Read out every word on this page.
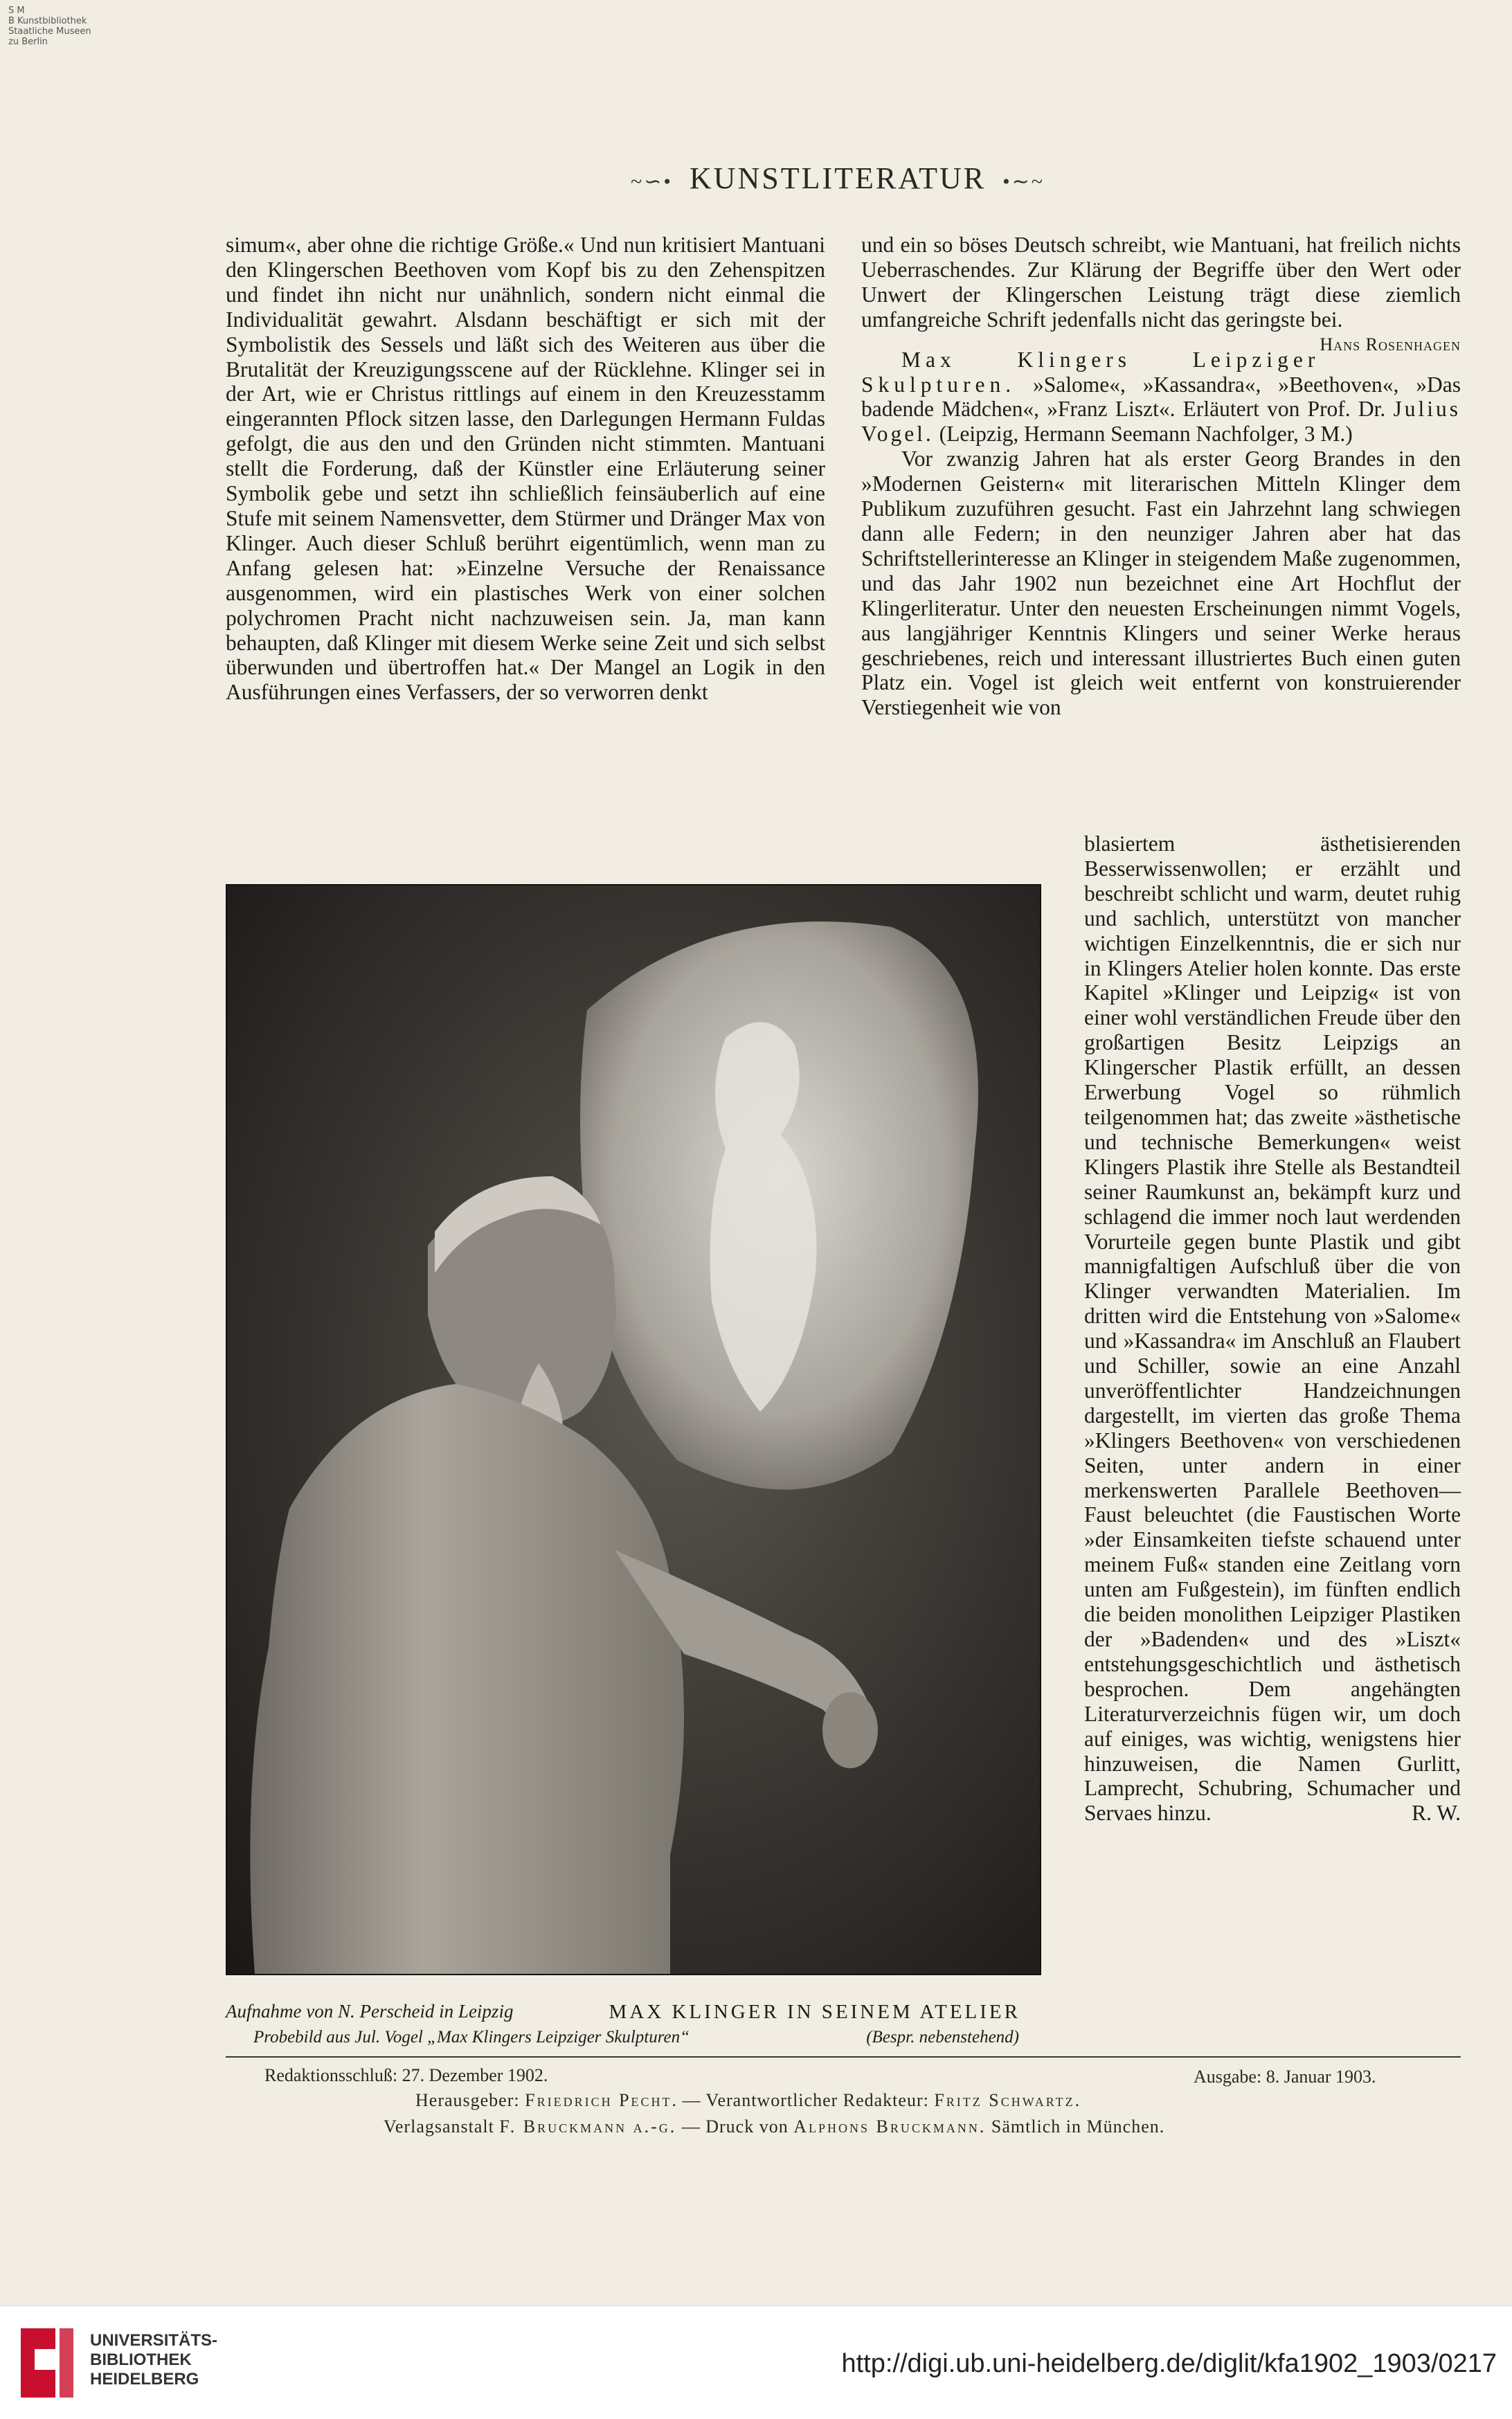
S M
B Kunstbibliothek
Staatliche Museen
zu Berlin
~∽• KUNSTLITERATUR •∼~

simum«, aber ohne die richtige Größe.« Und nun kritisiert Mantuani den Klingerschen Beethoven vom Kopf bis zu den Zehenspitzen und findet ihn nicht nur unähnlich, sondern nicht einmal die Individualität gewahrt. Alsdann beschäftigt er sich mit der Symbolistik des Sessels und läßt sich des Weiteren aus über die Brutalität der Kreuzigungsscene auf der Rücklehne. Klinger sei in der Art, wie er Christus rittlings auf einem in den Kreuzesstamm eingerannten Pflock sitzen lasse, den Darlegungen Hermann Fuldas gefolgt, die aus den und den Gründen nicht stimmten. Mantuani stellt die Forderung, daß der Künstler eine Erläuterung seiner Symbolik gebe und setzt ihn schließlich feinsäuberlich auf eine Stufe mit seinem Namensvetter, dem Stürmer und Dränger Max von Klinger. Auch dieser Schluß berührt eigentümlich, wenn man zu Anfang gelesen hat: »Einzelne Versuche der Renaissance ausgenommen, wird ein plastisches Werk von einer solchen polychromen Pracht nicht nachzuweisen sein. Ja, man kann behaupten, daß Klinger mit diesem Werke seine Zeit und sich selbst überwunden und übertroffen hat.« Der Mangel an Logik in den Ausführungen eines Verfassers, der so verworren denkt

und ein so böses Deutsch schreibt, wie Mantuani, hat freilich nichts Ueberraschendes. Zur Klärung der Begriffe über den Wert oder Unwert der Klingerschen Leistung trägt diese ziemlich umfangreiche Schrift jedenfalls nicht das geringste bei.
Hans Rosenhagen

Max Klingers Leipziger Skulpturen. »Salome«, »Kassandra«, »Beethoven«, »Das badende Mädchen«, »Franz Liszt«. Erläutert von Prof. Dr. Julius Vogel. (Leipzig, Hermann Seemann Nachfolger, 3 M.)

Vor zwanzig Jahren hat als erster Georg Brandes in den »Modernen Geistern« mit literarischen Mitteln Klinger dem Publikum zuzuführen gesucht. Fast ein Jahrzehnt lang schwiegen dann alle Federn; in den neunziger Jahren aber hat das Schriftstellerinteresse an Klinger in steigendem Maße zugenommen, und das Jahr 1902 nun bezeichnet eine Art Hochflut der Klingerliteratur. Unter den neuesten Erscheinungen nimmt Vogels, aus langjähriger Kenntnis Klingers und seiner Werke heraus geschriebenes, reich und interessant illustriertes Buch einen guten Platz ein. Vogel ist gleich weit entfernt von konstruierender Verstiegenheit wie von

blasiertem ästhetisierenden Besserwissenwollen; er erzählt und beschreibt schlicht und warm, deutet ruhig und sachlich, unterstützt von mancher wichtigen Einzelkenntnis, die er sich nur in Klingers Atelier holen konnte. Das erste Kapitel »Klinger und Leipzig« ist von einer wohl verständlichen Freude über den großartigen Besitz Leipzigs an Klingerscher Plastik erfüllt, an dessen Erwerbung Vogel so rühmlich teilgenommen hat; das zweite »ästhetische und technische Bemerkungen« weist Klingers Plastik ihre Stelle als Bestandteil seiner Raumkunst an, bekämpft kurz und schlagend die immer noch laut werdenden Vorurteile gegen bunte Plastik und gibt mannigfaltigen Aufschluß über die von Klinger verwandten Materialien. Im dritten wird die Entstehung von »Salome« und »Kassandra« im Anschluß an Flaubert und Schiller, sowie an eine Anzahl unveröffentlichter Handzeichnungen dargestellt, im vierten das große Thema »Klingers Beethoven« von verschiedenen Seiten, unter andern in einer merkenswerten Parallele Beethoven—Faust beleuchtet (die Faustischen Worte »der Einsamkeiten tiefste schauend unter meinem Fuß« standen eine Zeitlang vorn unten am Fußgestein), im fünften endlich die beiden monolithen Leipziger Plastiken der »Badenden« und des »Liszt« entstehungsgeschichtlich und ästhetisch besprochen. Dem angehängten Literaturverzeichnis fügen wir, um doch auf einiges, was wichtig, wenigstens hier hinzuweisen, die Namen Gurlitt, Lamprecht, Schubring, Schumacher und Servaes hinzu.	R. W.

Aufnahme von N. Perscheid in Leipzig	MAX KLINGER IN SEINEM ATELIER
Probebild aus Jul. Vogel „Max Klingers Leipziger Skulpturen“	(Bespr. nebenstehend)
Redaktionsschluß: 27. Dezember 1902.	Ausgabe: 8. Januar 1903.
Herausgeber: Friedrich Pecht. — Verantwortlicher Redakteur: Fritz Schwartz.
Verlagsanstalt F. Bruckmann a.-g. — Druck von Alphons Bruckmann. Sämtlich in München.
UNIVERSITÄTS-
BIBLIOTHEK
HEIDELBERG
http://digi.ub.uni-heidelberg.de/diglit/kfa1902_1903/0217
